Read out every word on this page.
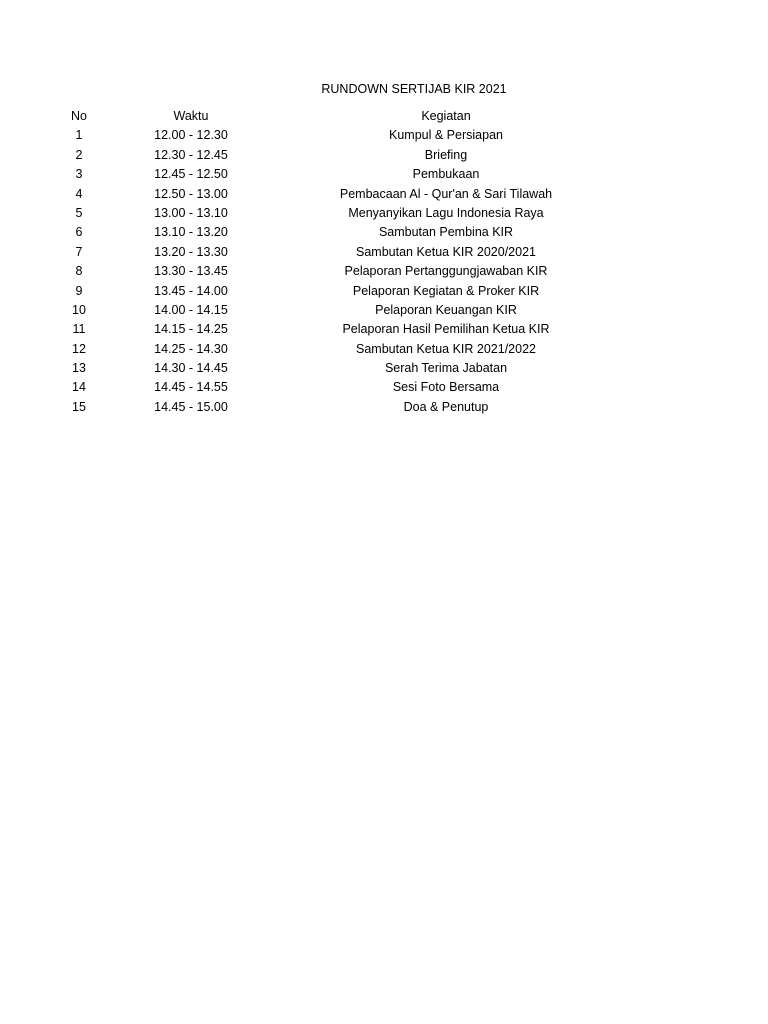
RUNDOWN SERTIJAB KIR 2021
No	Waktu	Kegiatan
1	12.00 - 12.30	Kumpul & Persiapan
2	12.30 - 12.45	Briefing
3	12.45 - 12.50	Pembukaan
4	12.50 - 13.00	Pembacaan Al - Qur'an & Sari Tilawah
5	13.00 - 13.10	Menyanyikan Lagu Indonesia Raya
6	13.10 - 13.20	Sambutan Pembina KIR
7	13.20 - 13.30	Sambutan Ketua KIR 2020/2021
8	13.30 - 13.45	Pelaporan Pertanggungjawaban KIR
9	13.45 - 14.00	Pelaporan Kegiatan & Proker KIR
10	14.00 - 14.15	Pelaporan Keuangan KIR
11	14.15 - 14.25	Pelaporan Hasil Pemilihan Ketua KIR
12	14.25 - 14.30	Sambutan Ketua KIR 2021/2022
13	14.30 - 14.45	Serah Terima Jabatan
14	14.45 - 14.55	Sesi Foto Bersama
15	14.45 - 15.00	Doa & Penutup
